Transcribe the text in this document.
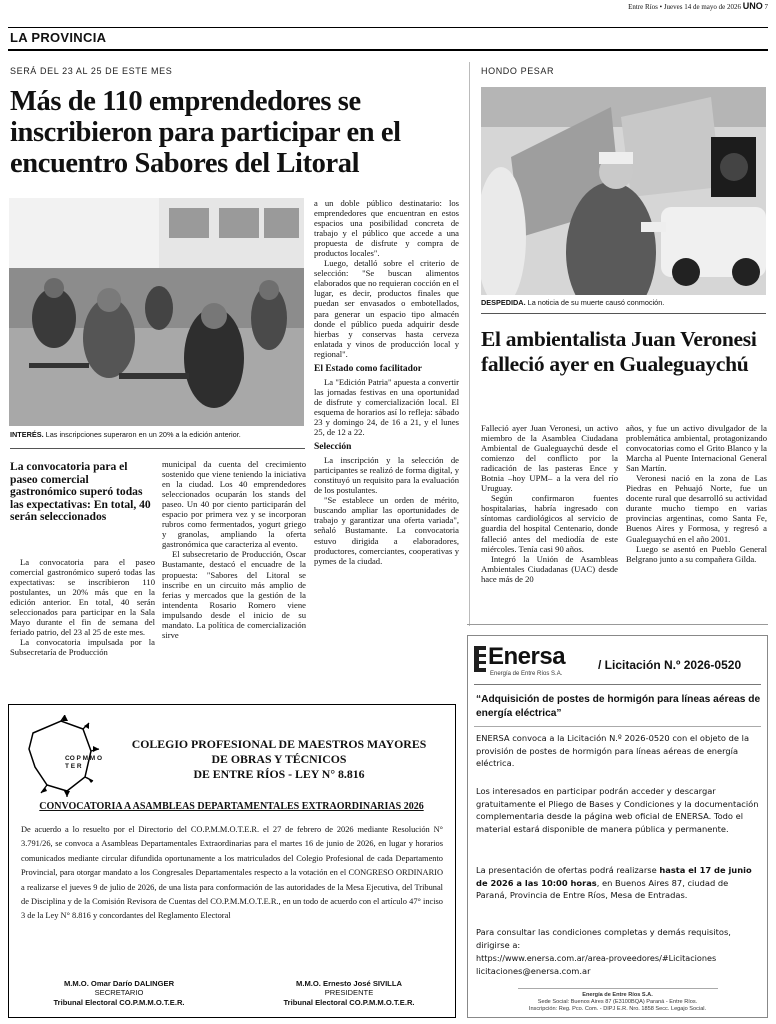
Entre Ríos • Jueves 14 de mayo de 2026 UNO 7
LA PROVINCIA
SERÁ DEL 23 AL 25 DE ESTE MES
Más de 110 emprendedores se inscribieron para participar en el encuentro Sabores del Litoral
INTERÉS. Las inscripciones superaron en un 20% a la edición anterior.
La convocatoria para el paseo comercial gastronómico superó todas las expectativas: En total, 40 serán seleccionados

La convocatoria para el paseo comercial gastronómico superó todas las expectativas: se inscribieron 110 postulantes, un 20% más que en la edición anterior. En total, 40 serán seleccionados para participar en la Sala Mayo durante el fin de semana del feriado patrio, del 23 al 25 de este mes.

La convocatoria impulsada por la Subsecretaría de Producción

municipal da cuenta del crecimiento sostenido que viene teniendo la iniciativa en la ciudad. Los 40 emprendedores seleccionados ocuparán los stands del paseo. Un 40 por ciento participarán del espacio por primera vez y se incorporan rubros como fermentados, yogurt griego y granolas, ampliando la oferta gastronómica que caracteriza al evento.

El subsecretario de Producción, Oscar Bustamante, destacó el encuadre de la propuesta: "Sabores del Litoral se inscribe en un circuito más amplio de ferias y mercados que la gestión de la intendenta Rosario Romero viene impulsando desde el inicio de su mandato. La política de comercialización sirve

a un doble público destinatario: los emprendedores que encuentran en estos espacios una posibilidad concreta de trabajo y el público que accede a una propuesta de disfrute y compra de productos locales".

Luego, detalló sobre el criterio de selección: "Se buscan alimentos elaborados que no requieran cocción en el lugar, es decir, productos finales que puedan ser envasados o embotellados, para generar un espacio tipo almacén donde el público pueda adquirir desde hierbas y conservas hasta cerveza enlatada y vinos de producción local y regional".

El Estado como facilitador

La "Edición Patria" apuesta a convertir las jornadas festivas en una oportunidad de disfrute y comercialización local. El esquema de horarios así lo refleja: sábado 23 y domingo 24, de 16 a 21, y el lunes 25, de 12 a 22.

Selección

La inscripción y la selección de participantes se realizó de forma digital, y constituyó un requisito para la evaluación de los postulantes.

"Se establece un orden de mérito, buscando ampliar las oportunidades de trabajo y garantizar una oferta variada", señaló Bustamante. La convocatoria estuvo dirigida a elaboradores, productores, comerciantes, cooperativas y pymes de la ciudad.

HONDO PESAR
DESPEDIDA. La noticia de su muerte causó conmoción.
El ambientalista Juan Veronesi falleció ayer en Gualeguaychú

Falleció ayer Juan Veronesi, un activo miembro de la Asamblea Ciudadana Ambiental de Gualeguaychú desde el comienzo del conflicto por la radicación de las pasteras Ence y Botnia –hoy UPM– a la vera del río Uruguay.

Según confirmaron fuentes hospitalarias, habría ingresado con síntomas cardiológicos al servicio de guardia del hospital Centenario, donde falleció antes del mediodía de este miércoles. Tenía casi 90 años.

Integró la Unión de Asambleas Ambientales Ciudadanas (UAC) desde hace más de 20

años, y fue un activo divulgador de la problemática ambiental, protagonizando convocatorias como el Grito Blanco y la Marcha al Puente Internacional General San Martín.

Veronesi nació en la zona de Las Piedras en Pehuajó Norte, fue un docente rural que desarrolló su actividad durante mucho tiempo en varias provincias argentinas, como Santa Fe, Buenos Aires y Formosa, y regresó a Gualeguaychú en el año 2001.

Luego se asentó en Pueblo General Belgrano junto a su compañera Gilda.

CO P M M O T E R
COLEGIO PROFESIONAL DE MAESTROS MAYORES
DE OBRAS Y TÉCNICOS
DE ENTRE RÍOS - LEY N° 8.816
CONVOCATORIA A ASAMBLEAS DEPARTAMENTALES EXTRAORDINARIAS 2026
De acuerdo a lo resuelto por el Directorio del CO.P.M.M.O.T.E.R. el 27 de febrero de 2026 mediante Resolución N° 3.791/26, se convoca a Asambleas Departamentales Extraordinarias para el martes 16 de junio de 2026, en lugar y horarios comunicados mediante circular difundida oportunamente a los matriculados del Colegio Profesional de cada Departamento Provincial, para otorgar mandato a los Congresales Departamentales respecto a la votación en el CONGRESO ORDINARIO a realizarse el jueves 9 de julio de 2026, de una lista para conformación de las autoridades de la Mesa Ejecutiva, del Tribunal de Disciplina y de la Comisión Revisora de Cuentas del CO.P.M.M.O.T.E.R., en un todo de acuerdo con el artículo 47° inciso 3 de la Ley N° 8.816 y concordantes del Reglamento Electoral
M.M.O. Omar Darío DALINGER
SECRETARIO
Tribunal Electoral CO.P.M.M.O.T.E.R.
M.M.O. Ernesto José SIVILLA
PRESIDENTE
Tribunal Electoral CO.P.M.M.O.T.E.R.
Enersa
Energía de Entre Ríos S.A.
/ Licitación N.º 2026-0520
“Adquisición de postes de hormigón para líneas aéreas de energía eléctrica”
ENERSA convoca a la Licitación N.º 2026-0520 con el objeto de la provisión de postes de hormigón para líneas aéreas de energía eléctrica.
Los interesados en participar podrán acceder y descargar gratuitamente el Pliego de Bases y Condiciones y la documentación complementaria desde la página web oficial de ENERSA. Todo el material estará disponible de manera pública y permanente.
La presentación de ofertas podrá realizarse hasta el 17 de junio de 2026 a las 10:00 horas, en Buenos Aires 87, ciudad de Paraná, Provincia de Entre Ríos, Mesa de Entradas.
Para consultar las condiciones completas y demás requisitos, dirigirse a:
https://www.enersa.com.ar/area-proveedores/#Licitaciones
licitaciones@enersa.com.ar
Energía de Entre Ríos S.A.
Sede Social: Buenos Aires 87 (E3100BQA) Paraná - Entre Ríos.
Inscripción: Reg. Pco. Com. - DIPJ E.R. Nro. 1858 Secc. Legajo Social.
